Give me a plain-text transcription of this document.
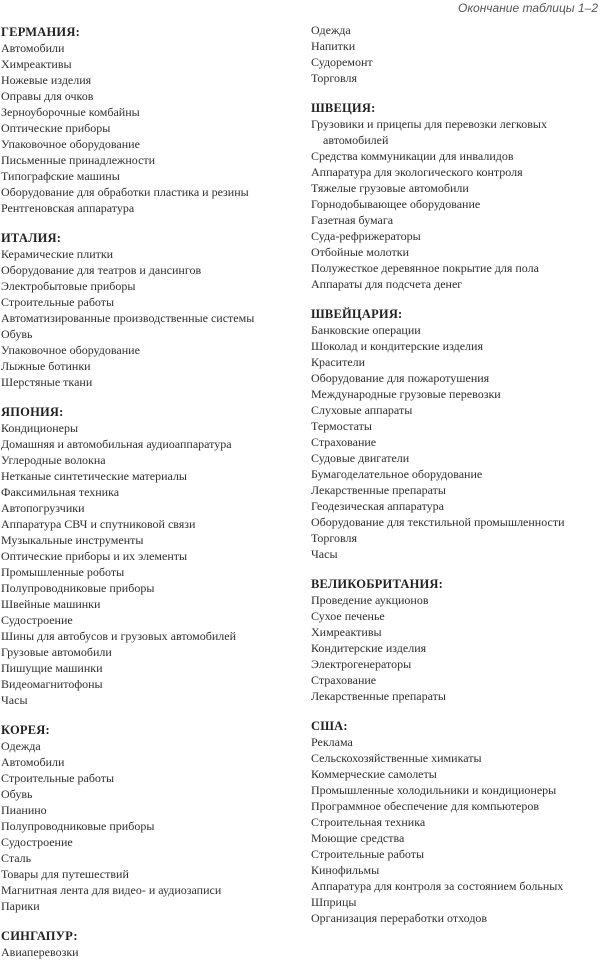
Окончание таблицы 1–2
ГЕРМАНИЯ:
Автомобили
Химреактивы
Ножевые изделия
Оправы для очков
Зерноуборочные комбайны
Оптические приборы
Упаковочное оборудование
Письменные принадлежности
Типографские машины
Оборудование для обработки пластика и резины
Рентгеновская аппаратура
ИТАЛИЯ:
Керамические плитки
Оборудование для театров и дансингов
Электробытовые приборы
Строительные работы
Автоматизированные производственные системы
Обувь
Упаковочное оборудование
Лыжные ботинки
Шерстяные ткани
ЯПОНИЯ:
Кондиционеры
Домашняя и автомобильная аудиоаппаратура
Углеродные волокна
Нетканые синтетические материалы
Факсимильная техника
Автопогрузчики
Аппаратура СВЧ и спутниковой связи
Музыкальные инструменты
Оптические приборы и их элементы
Промышленные роботы
Полупроводниковые приборы
Швейные машинки
Судостроение
Шины для автобусов и грузовых автомобилей
Грузовые автомобили
Пишущие машинки
Видеомагнитофоны
Часы
КОРЕЯ:
Одежда
Автомобили
Строительные работы
Обувь
Пианино
Полупроводниковые приборы
Судостроение
Сталь
Товары для путешествий
Магнитная лента для видео- и аудиозаписи
Парики
СИНГАПУР:
Авиаперевозки
Одежда
Напитки
Судоремонт
Торговля
ШВЕЦИЯ:
Грузовики и прицепы для перевозки легковых автомобилей
Средства коммуникации для инвалидов
Аппаратура для экологического контроля
Тяжелые грузовые автомобили
Горнодобывающее оборудование
Газетная бумага
Суда-рефрижераторы
Отбойные молотки
Полужесткое деревянное покрытие для пола
Аппараты для подсчета денег
ШВЕЙЦАРИЯ:
Банковские операции
Шоколад и кондитерские изделия
Красители
Оборудование для пожаротушения
Международные грузовые перевозки
Слуховые аппараты
Термостаты
Страхование
Судовые двигатели
Бумагоделательное оборудование
Лекарственные препараты
Геодезическая аппаратура
Оборудование для текстильной промышленности
Торговля
Часы
ВЕЛИКОБРИТАНИЯ:
Проведение аукционов
Сухое печенье
Химреактивы
Кондитерские изделия
Электрогенераторы
Страхование
Лекарственные препараты
США:
Реклама
Сельскохозяйственные химикаты
Коммерческие самолеты
Промышленные холодильники и кондиционеры
Программное обеспечение для компьютеров
Строительная техника
Моющие средства
Строительные работы
Кинофильмы
Аппаратура для контроля за состоянием больных
Шприцы
Организация переработки отходов
